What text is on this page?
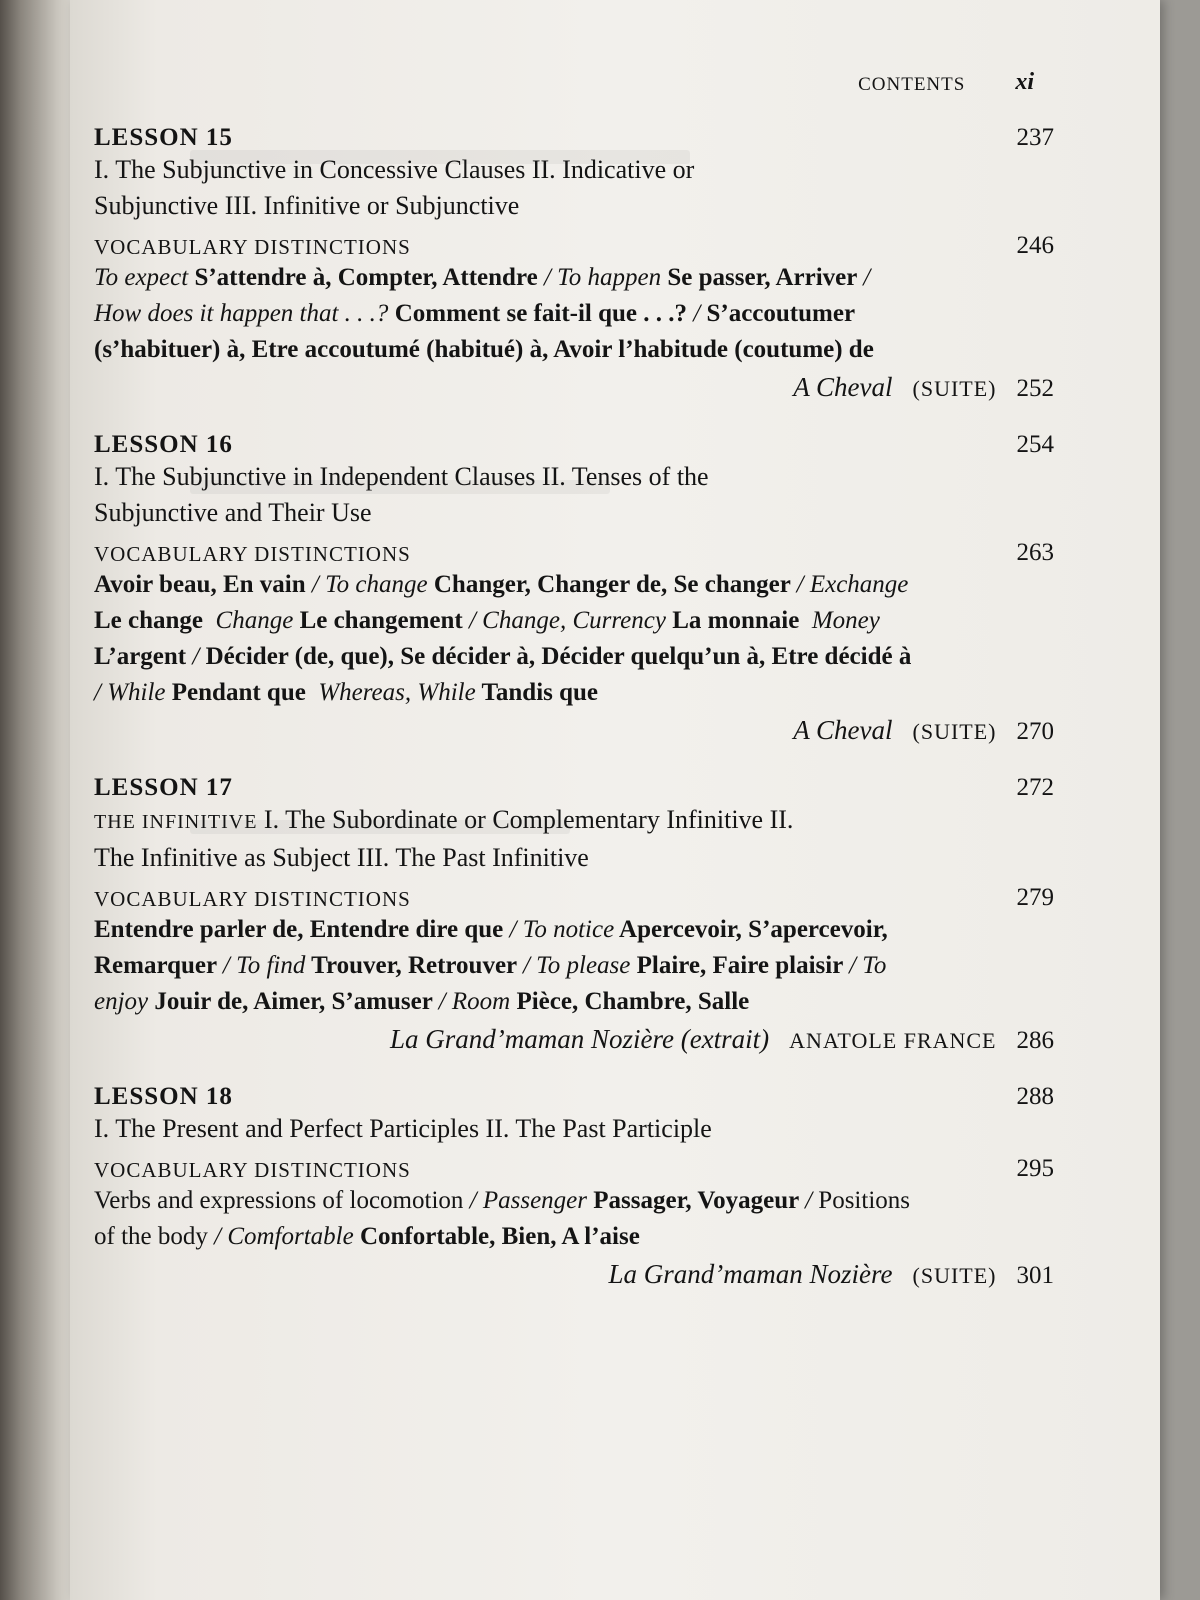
CONTENTS xi
LESSON 15	237
I. The Subjunctive in Concessive Clauses II. Indicative or Subjunctive III. Infinitive or Subjunctive
VOCABULARY DISTINCTIONS	246
To expect S’attendre à, Compter, Attendre / To happen Se passer, Arriver / How does it happen that . . .? Comment se fait-il que . . .? / S’accoutumer (s’habituer) à, Etre accoutumé (habitué) à, Avoir l’habitude (coutume) de
A Cheval (SUITE) 252
LESSON 16	254
I. The Subjunctive in Independent Clauses II. Tenses of the Subjunctive and Their Use
VOCABULARY DISTINCTIONS	263
Avoir beau, En vain / To change Changer, Changer de, Se changer / Exchange Le change  Change Le changement / Change, Currency La monnaie  Money L’argent / Décider (de, que), Se décider à, Décider quelqu’un à, Etre décidé à / While Pendant que  Whereas, While Tandis que
A Cheval (SUITE) 270
LESSON 17	272
THE INFINITIVE I. The Subordinate or Complementary Infinitive II. The Infinitive as Subject III. The Past Infinitive
VOCABULARY DISTINCTIONS	279
Entendre parler de, Entendre dire que / To notice Apercevoir, S’apercevoir, Remarquer / To find Trouver, Retrouver / To please Plaire, Faire plaisir / To enjoy Jouir de, Aimer, S’amuser / Room Pièce, Chambre, Salle
La Grand’maman Nozière (extrait) ANATOLE FRANCE 286
LESSON 18	288
I. The Present and Perfect Participles II. The Past Participle
VOCABULARY DISTINCTIONS	295
Verbs and expressions of locomotion / Passenger Passager, Voyageur / Positions of the body / Comfortable Confortable, Bien, A l’aise
La Grand’maman Nozière (SUITE) 301
